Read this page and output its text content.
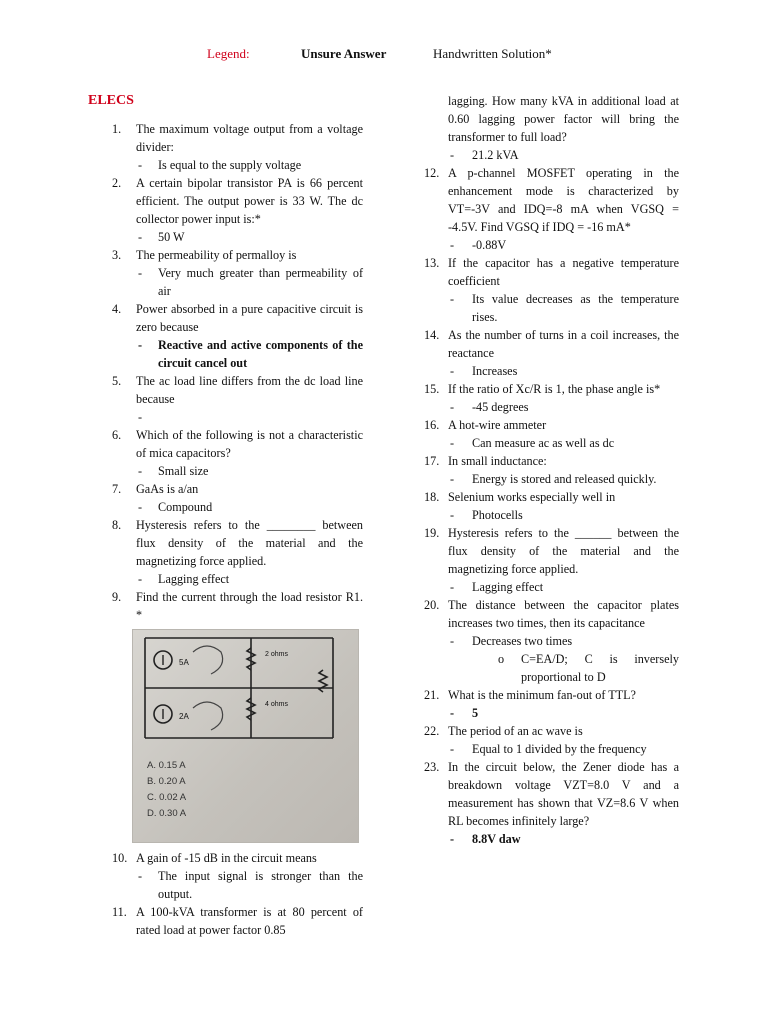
Legend:	Unsure Answer	Handwritten Solution*
ELECS
1. The maximum voltage output from a voltage divider:
- Is equal to the supply voltage
2. A certain bipolar transistor PA is 66 percent efficient. The output power is 33 W. The dc collector power input is:*
- 50 W
3. The permeability of permalloy is
- Very much greater than permeability of air
4. Power absorbed in a pure capacitive circuit is zero because
- Reactive and active components of the circuit cancel out
5. The ac load line differs from the dc load line because
-

6. Which of the following is not a characteristic of mica capacitors?
- Small size
7. GaAs is a/an
- Compound
8. Hysteresis refers to the ________ between flux density of the material and the magnetizing force applied.
- Lagging effect
9. Find the current through the load resistor R1. *
5A
2A
2 ohms
4 ohms
A. 0.15 A
B. 0.20 A
C. 0.02 A
D. 0.30 A
10. A gain of -15 dB in the circuit means
- The input signal is stronger than the output.
11. A 100-kVA transformer is at 80 percent of rated load at power factor 0.85
lagging. How many kVA in additional load at 0.60 lagging power factor will bring the transformer to full load?
- 21.2 kVA
12. A p-channel MOSFET operating in the enhancement mode is characterized by VT=-3V and IDQ=-8 mA when VGSQ = -4.5V. Find VGSQ if IDQ = -16 mA*
- -0.88V
13. If the capacitor has a negative temperature coefficient
- Its value decreases as the temperature rises.
14. As the number of turns in a coil increases, the reactance
- Increases
15. If the ratio of Xc/R is 1, the phase angle is*
- -45 degrees
16. A hot-wire ammeter
- Can measure ac as well as dc
17. In small inductance:
- Energy is stored and released quickly.
18. Selenium works especially well in
- Photocells
19. Hysteresis refers to the ______ between the flux density of the material and the magnetizing force applied.
- Lagging effect
20. The distance between the capacitor plates increases two times, then its capacitance
- Decreases two times
o C=EA/D; C is inversely proportional to D
21. What is the minimum fan-out of TTL?
- 5
22. The period of an ac wave is
- Equal to 1 divided by the frequency
23. In the circuit below, the Zener diode has a breakdown voltage VZT=8.0 V and a measurement has shown that VZ=8.6 V when RL becomes infinitely large?
- 8.8V daw
